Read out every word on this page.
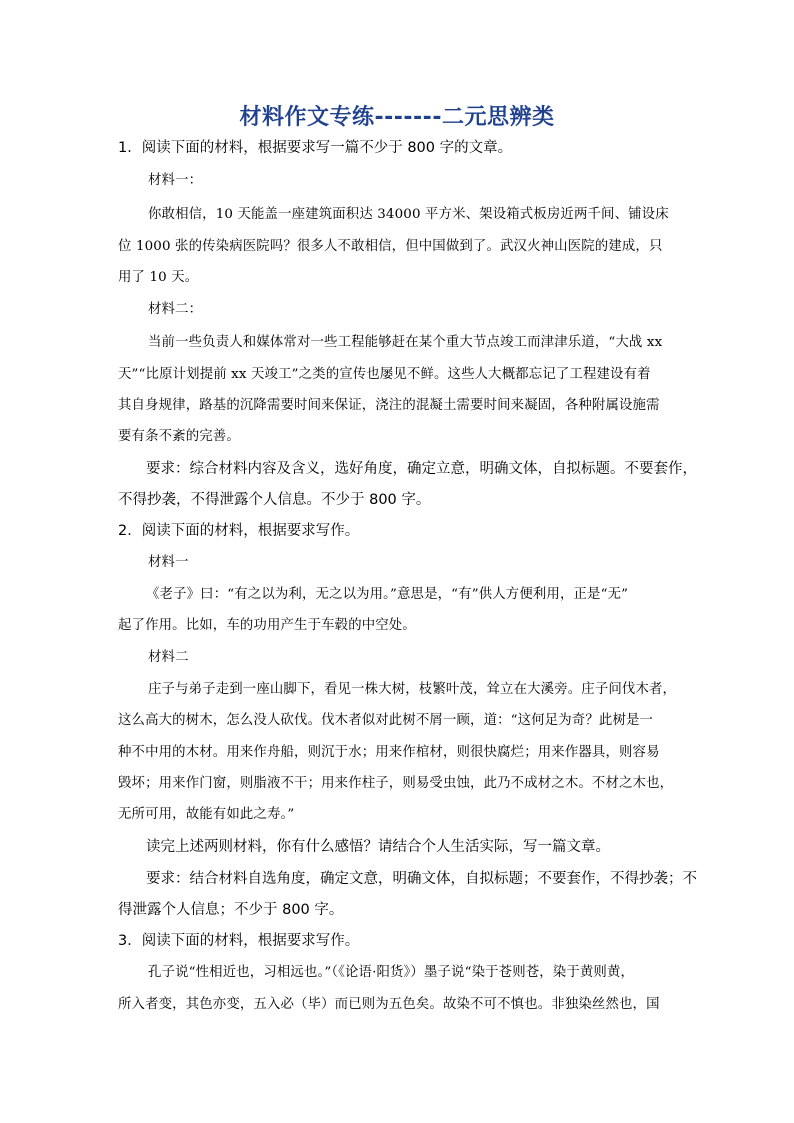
材料作文专练-------二元思辨类
1．阅读下面的材料，根据要求写一篇不少于 800 字的文章。
材料一：
你敢相信，10 天能盖一座建筑面积达 34000 平方米、架设箱式板房近两千间、铺设床
位 1000 张的传染病医院吗？很多人不敢相信，但中国做到了。武汉火神山医院的建成，只
用了 10 天。
材料二：
当前一些负责人和媒体常对一些工程能够赶在某个重大节点竣工而津津乐道，“大战 xx
天”“比原计划提前 xx 天竣工”之类的宣传也屡见不鲜。这些人大概都忘记了工程建设有着
其自身规律，路基的沉降需要时间来保证，浇注的混凝土需要时间来凝固，各种附属设施需
要有条不紊的完善。
要求：综合材料内容及含义，选好角度，确定立意，明确文体，自拟标题。不要套作，
不得抄袭，不得泄露个人信息。不少于 800 字。
2．阅读下面的材料，根据要求写作。
材料一
《老子》曰：“有之以为利，无之以为用。”意思是，“有”供人方便利用，正是“无”
起了作用。比如，车的功用产生于车毂的中空处。
材料二
庄子与弟子走到一座山脚下，看见一株大树，枝繁叶茂，耸立在大溪旁。庄子问伐木者，
这么高大的树木，怎么没人砍伐。伐木者似对此树不屑一顾，道：“这何足为奇？此树是一
种不中用的木材。用来作舟船，则沉于水；用来作棺材，则很快腐烂；用来作器具，则容易
毁坏；用来作门窗，则脂液不干；用来作柱子，则易受虫蚀，此乃不成材之木。不材之木也，
无所可用，故能有如此之寿。”
读完上述两则材料，你有什么感悟？请结合个人生活实际，写一篇文章。
要求：结合材料自选角度，确定文意，明确文体，自拟标题；不要套作，不得抄袭；不
得泄露个人信息；不少于 800 字。
3．阅读下面的材料，根据要求写作。
孔子说“性相近也，习相远也。”（《论语·阳货》）墨子说“染于苍则苍，染于黄则黄，
所入者变，其色亦变，五入必（毕）而已则为五色矣。故染不可不慎也。非独染丝然也，国
